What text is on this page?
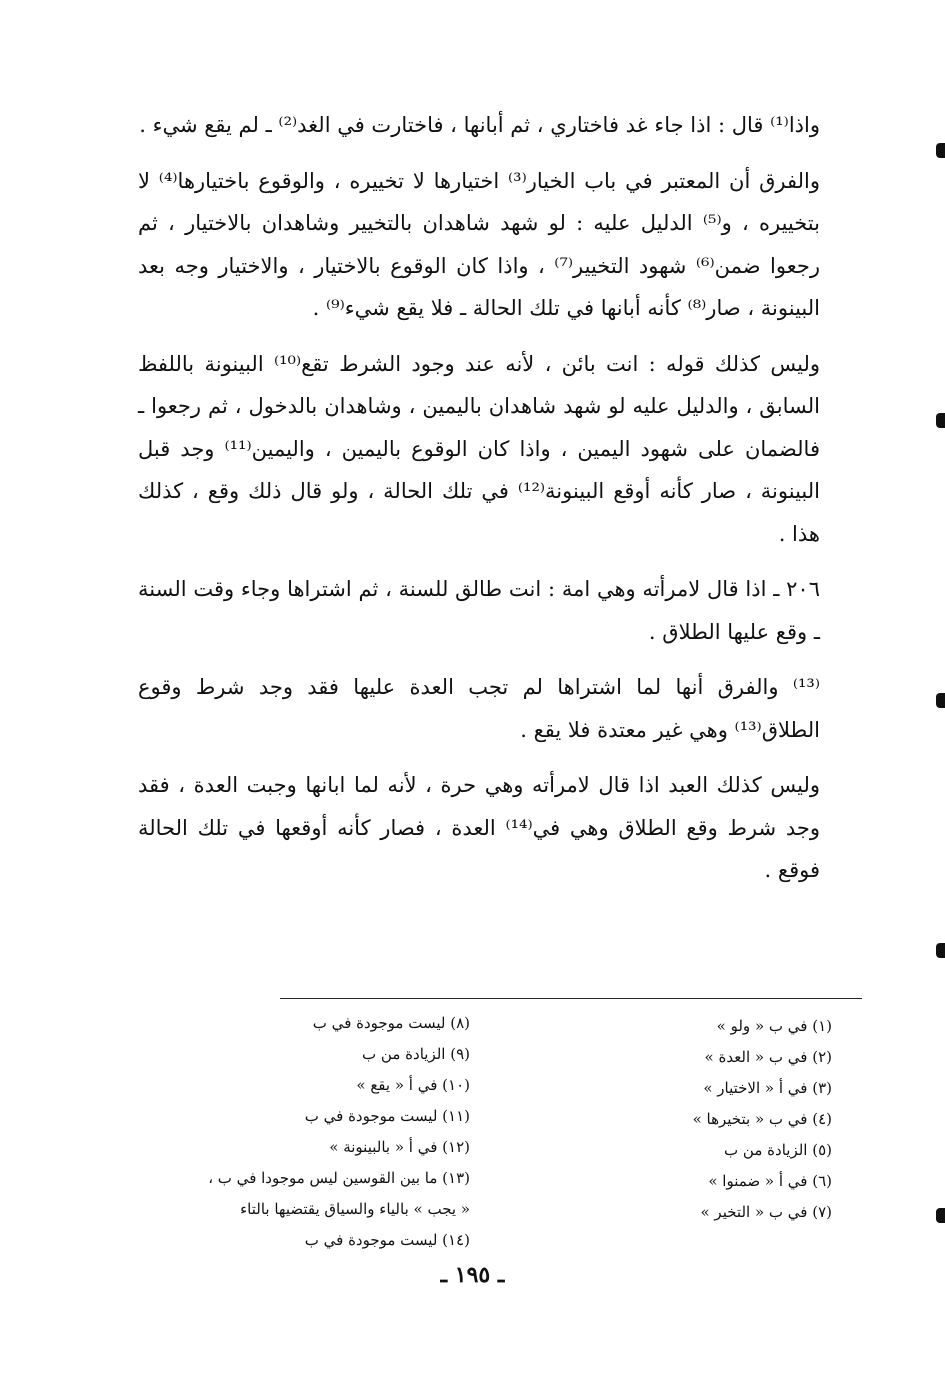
واذا⁽¹⁾ قال : اذا جاء غد فاختاري ، ثم أبانها ، فاختارت في الغد⁽²⁾ ـ لم يقع شيء .

والفرق أن المعتبر في باب الخيار⁽³⁾ اختيارها لا تخييره ، والوقوع باختيارها⁽⁴⁾ لا بتخييره ، و⁽⁵⁾ الدليل عليه : لو شهد شاهدان بالتخيير وشاهدان بالاختيار ، ثم رجعوا ضمن⁽⁶⁾ شهود التخيير⁽⁷⁾ ، واذا كان الوقوع بالاختيار ، والاختيار وجه بعد البينونة ، صار⁽⁸⁾ كأنه أبانها في تلك الحالة ـ فلا يقع شيء⁽⁹⁾ .

وليس كذلك قوله : انت بائن ، لأنه عند وجود الشرط تقع⁽¹⁰⁾ البينونة باللفظ السابق ، والدليل عليه لو شهد شاهدان باليمين ، وشاهدان بالدخول ، ثم رجعوا ـ فالضمان على شهود اليمين ، واذا كان الوقوع باليمين ، واليمين⁽¹¹⁾ وجد قبل البينونة ، صار كأنه أوقع البينونة⁽¹²⁾ في تلك الحالة ، ولو قال ذلك وقع ، كذلك هذا .

٢٠٦ ـ اذا قال لامرأته وهي امة : انت طالق للسنة ، ثم اشتراها وجاء وقت السنة ـ وقع عليها الطلاق .

⁽¹³⁾ والفرق أنها لما اشتراها لم تجب العدة عليها فقد وجد شرط وقوع الطلاق⁽¹³⁾ وهي غير معتدة فلا يقع .

وليس كذلك العبد اذا قال لامرأته وهي حرة ، لأنه لما ابانها وجبت العدة ، فقد وجد شرط وقع الطلاق وهي في⁽¹⁴⁾ العدة ، فصار كأنه أوقعها في تلك الحالة فوقع .

(١) في ب « ولو »
(٢) في ب « العدة »
(٣) في أ « الاختيار »
(٤) في ب « بتخيرها »
(٥) الزيادة من ب
(٦) في أ « ضمنوا »
(٧) في ب « التخير »
(٨) ليست موجودة في ب
(٩) الزيادة من ب
(١٠) في أ « يقع »
(١١) ليست موجودة في ب
(١٢) في أ « بالبينونة »
(١٣) ما بين القوسين ليس موجودا في ب ،
« يجب » بالياء والسياق يقتضيها بالتاء
(١٤) ليست موجودة في ب
ـ ١٩٥ ـ
